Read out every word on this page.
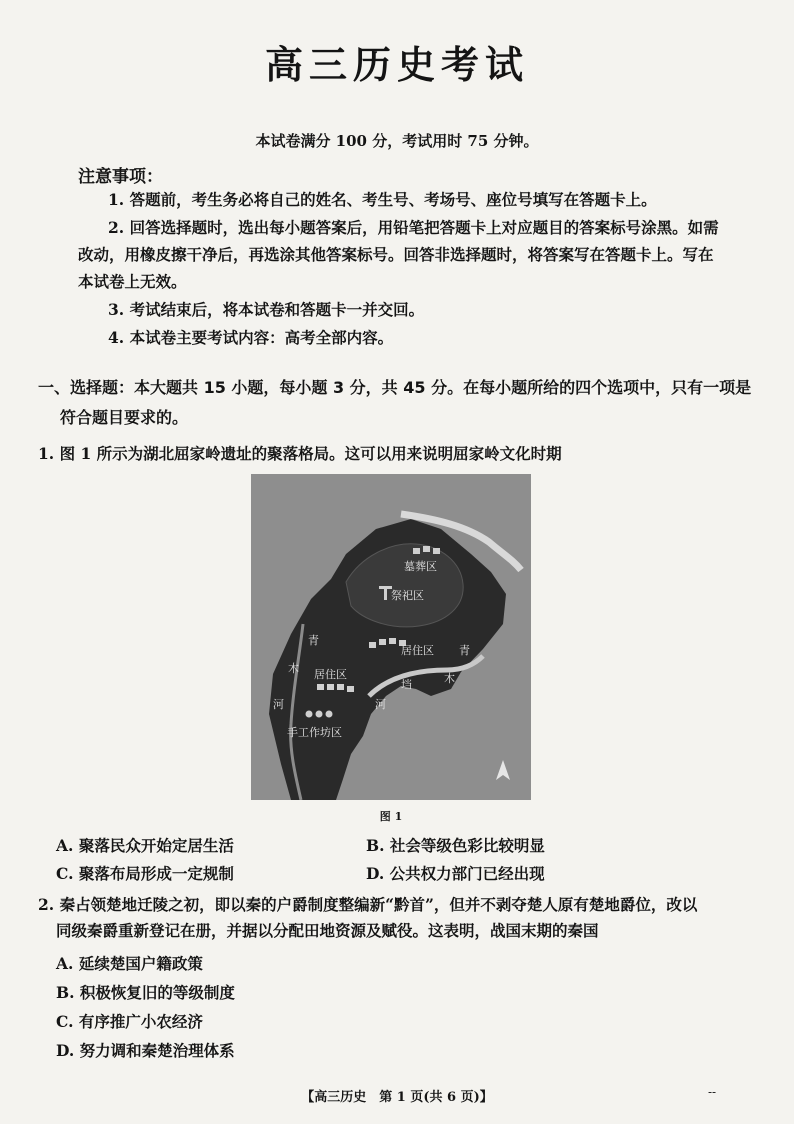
高三历史考试
本试卷满分 100 分，考试用时 75 分钟。
注意事项：
1. 答题前，考生务必将自己的姓名、考生号、考场号、座位号填写在答题卡上。
2. 回答选择题时，选出每小题答案后，用铅笔把答题卡上对应题目的答案标号涂黑。如需改动，用橡皮擦干净后，再选涂其他答案标号。回答非选择题时，将答案写在答题卡上。写在本试卷上无效。
3. 考试结束后，将本试卷和答题卡一并交回。
4. 本试卷主要考试内容：高考全部内容。
一、选择题：本大题共 15 小题，每小题 3 分，共 45 分。在每小题所给的四个选项中，只有一项是
符合题目要求的。
1. 图 1 所示为湖北屈家岭遗址的聚落格局。这可以用来说明屈家岭文化时期
墓葬区
祭祀区
居住区
居住区
手工作坊区
青
木
河
青
木
垱
河
图 1
A. 聚落民众开始定居生活	B. 社会等级色彩比较明显
C. 聚落布局形成一定规制	D. 公共权力部门已经出现
2. 秦占领楚地迁陵之初，即以秦的户爵制度整编新“黔首”，但并不剥夺楚人原有楚地爵位，改以
同级秦爵重新登记在册，并据以分配田地资源及赋役。这表明，战国末期的秦国
A. 延续楚国户籍政策
B. 积极恢复旧的等级制度
C. 有序推广小农经济
D. 努力调和秦楚治理体系
【高三历史　第 1 页(共 6 页)】	--
